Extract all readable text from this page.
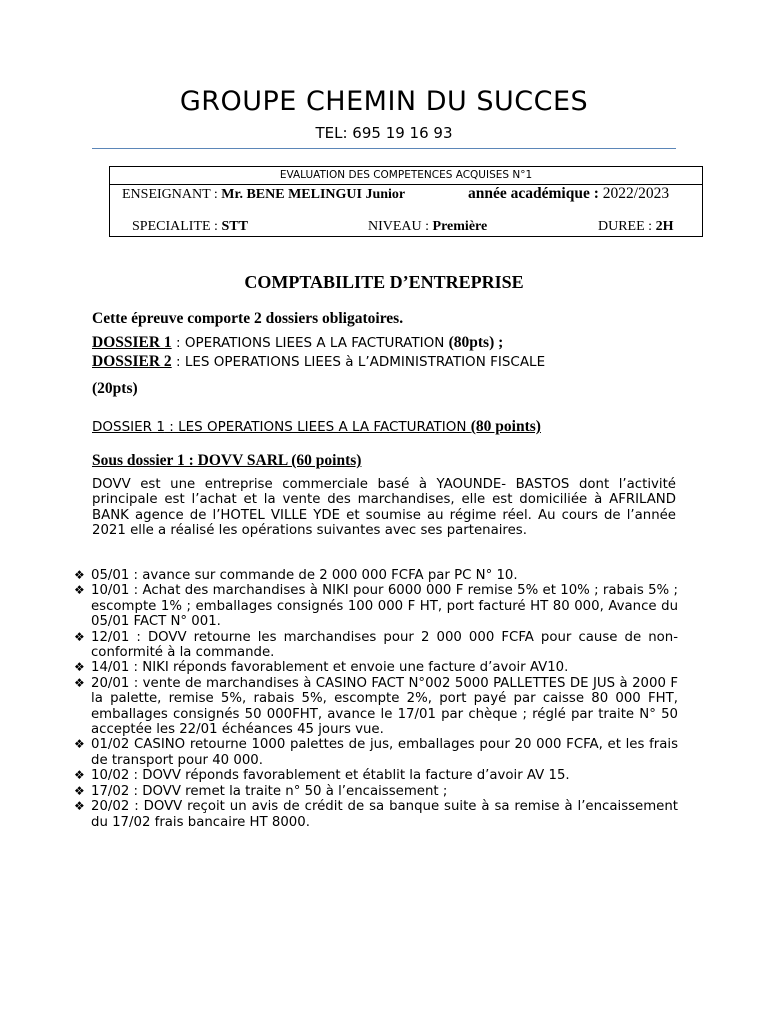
GROUPE CHEMIN DU SUCCES
TEL: 695 19 16 93
EVALUATION DES COMPETENCES ACQUISES N°1
ENSEIGNANT : Mr. BENE MELINGUI Junior	année académique : 2022/2023
SPECIALITE : STT	NIVEAU : Première	DUREE : 2H
COMPTABILITE D’ENTREPRISE
Cette épreuve comporte 2 dossiers obligatoires.
DOSSIER 1 : OPERATIONS LIEES A LA FACTURATION (80pts) ;
DOSSIER 2 : LES OPERATIONS LIEES à L’ADMINISTRATION FISCALE
(20pts)
DOSSIER 1 : LES OPERATIONS LIEES A LA FACTURATION (80 points)
Sous dossier 1 : DOVV SARL (60 points)
DOVV est une entreprise commerciale basé à YAOUNDE- BASTOS dont l’activité principale est l’achat et la vente des marchandises, elle est domiciliée à AFRILAND BANK agence de l’HOTEL VILLE YDE et soumise au régime réel. Au cours de l’année 2021 elle a réalisé les opérations suivantes avec ses partenaires.
❖ 05/01 : avance sur commande de 2 000 000 FCFA par PC N° 10.
❖ 10/01 : Achat des marchandises à NIKI pour 6000 000 F remise 5% et 10% ; rabais 5% ; escompte 1% ; emballages consignés 100 000 F HT, port facturé HT 80 000, Avance du 05/01 FACT N° 001.
❖ 12/01 : DOVV retourne les marchandises pour 2 000 000 FCFA pour cause de non-conformité à la commande.
❖ 14/01 : NIKI réponds favorablement et envoie une facture d’avoir AV10.
❖ 20/01 : vente de marchandises à CASINO FACT N°002 5000 PALLETTES DE JUS à 2000 F la palette, remise 5%, rabais 5%, escompte 2%, port payé par caisse 80 000 FHT, emballages consignés 50 000FHT, avance le 17/01 par chèque ; réglé par traite N° 50 acceptée les 22/01 échéances 45 jours vue.
❖ 01/02 CASINO retourne 1000 palettes de jus, emballages pour 20 000 FCFA, et les frais de transport pour 40 000.
❖ 10/02 : DOVV réponds favorablement et établit la facture d’avoir AV 15.
❖ 17/02 : DOVV remet la traite n° 50 à l’encaissement ;
❖ 20/02 : DOVV reçoit un avis de crédit de sa banque suite à sa remise à l’encaissement du 17/02 frais bancaire HT 8000.
